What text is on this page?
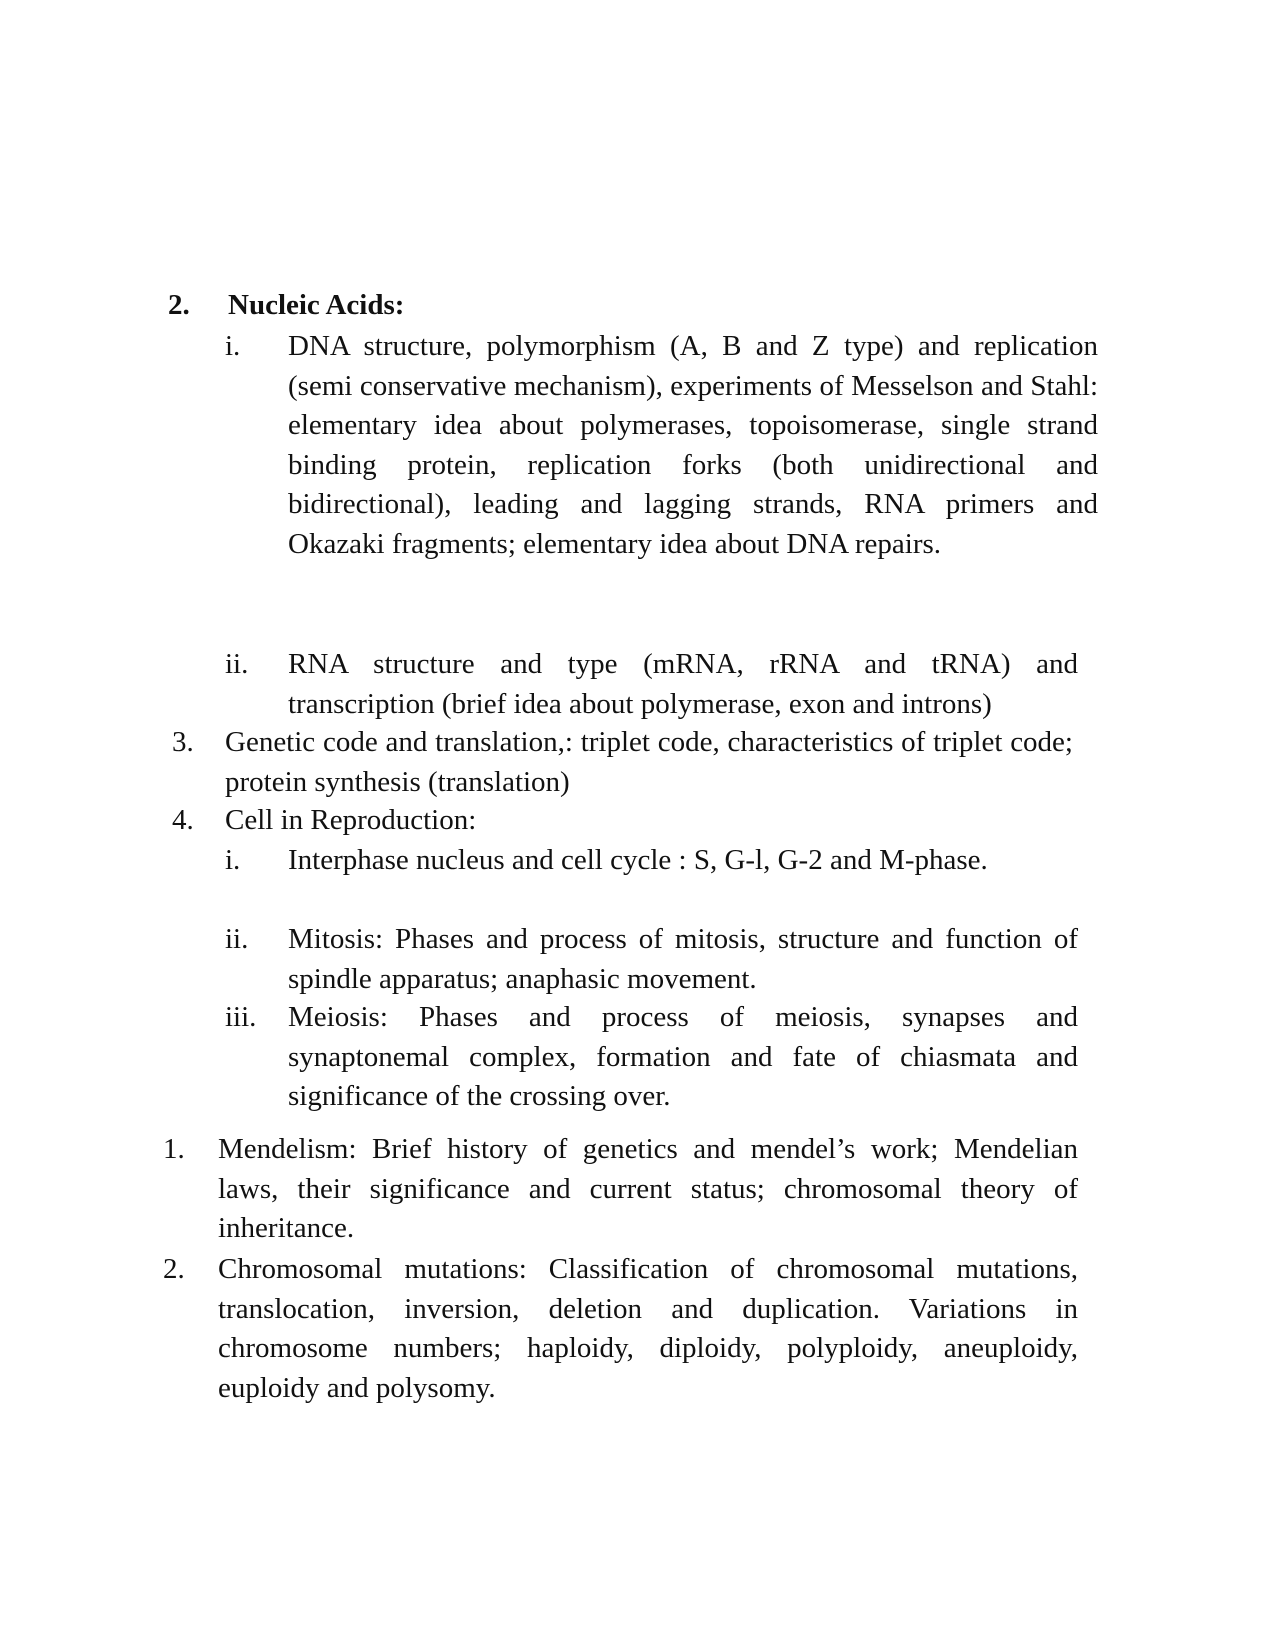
2. Nucleic Acids:
i. DNA structure, polymorphism (A, B and Z type) and replication (semi conservative mechanism), experiments of Messelson and Stahl: elementary idea about polymerases, topoisomerase, single strand binding protein, replication forks (both unidirectional and bidirectional), leading and lagging strands, RNA primers and Okazaki fragments; elementary idea about DNA repairs.
ii. RNA structure and type (mRNA, rRNA and tRNA) and transcription (brief idea about polymerase, exon and introns)
3. Genetic code and translation,: triplet code, characteristics of triplet code; protein synthesis (translation)
4. Cell in Reproduction:
i. Interphase nucleus and cell cycle : S, G-l, G-2 and M-phase.
ii. Mitosis: Phases and process of mitosis, structure and function of spindle apparatus; anaphasic movement.
iii. Meiosis: Phases and process of meiosis, synapses and synaptonemal complex, formation and fate of chiasmata and significance of the crossing over.
1. Mendelism: Brief history of genetics and mendel’s work; Mendelian laws, their significance and current status; chromosomal theory of inheritance.
2. Chromosomal mutations: Classification of chromosomal mutations, translocation, inversion, deletion and duplication. Variations in chromosome numbers; haploidy, diploidy, polyploidy, aneuploidy, euploidy and polysomy.
